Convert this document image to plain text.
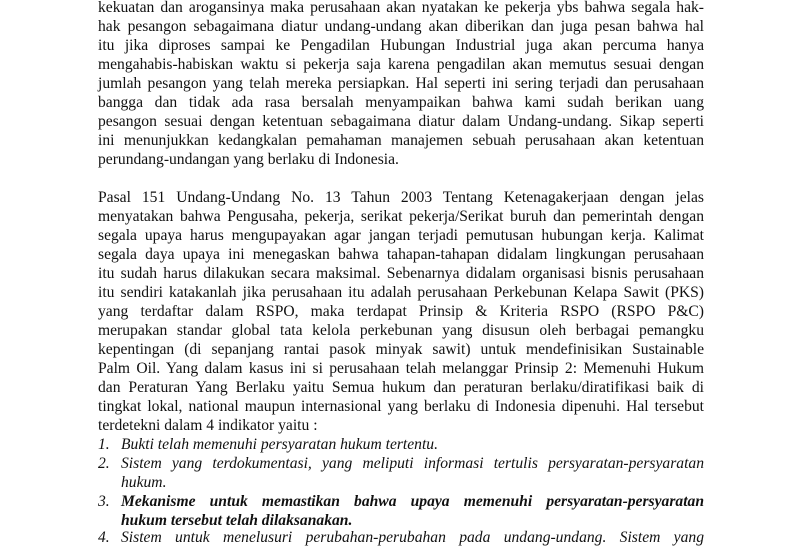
kekuatan dan arogansinya maka perusahaan akan nyatakan ke pekerja ybs bahwa segala hak-
hak pesangon sebagaimana diatur undang-undang akan diberikan dan juga pesan bahwa hal
itu jika diproses sampai ke Pengadilan Hubungan Industrial juga akan percuma hanya
mengahabis-habiskan waktu si pekerja saja karena pengadilan akan memutus sesuai dengan
jumlah pesangon yang telah mereka persiapkan. Hal seperti ini sering terjadi dan perusahaan
bangga dan tidak ada rasa bersalah menyampaikan bahwa kami sudah berikan uang
pesangon sesuai dengan ketentuan sebagaimana diatur dalam Undang-undang. Sikap seperti
ini menunjukkan kedangkalan pemahaman manajemen sebuah perusahaan akan ketentuan
perundang-undangan yang berlaku di Indonesia.
Pasal 151 Undang-Undang No. 13 Tahun 2003 Tentang Ketenagakerjaan dengan jelas
menyatakan bahwa Pengusaha, pekerja, serikat pekerja/Serikat buruh dan pemerintah dengan
segala upaya harus mengupayakan agar jangan terjadi pemutusan hubungan kerja. Kalimat
segala daya upaya ini menegaskan bahwa tahapan-tahapan didalam lingkungan perusahaan
itu sudah harus dilakukan secara maksimal. Sebenarnya didalam organisasi bisnis perusahaan
itu sendiri katakanlah jika perusahaan itu adalah perusahaan Perkebunan Kelapa Sawit (PKS)
yang terdaftar dalam RSPO, maka terdapat Prinsip & Kriteria RSPO (RSPO P&C)
merupakan standar global tata kelola perkebunan yang disusun oleh berbagai pemangku
kepentingan (di sepanjang rantai pasok minyak sawit) untuk mendefinisikan Sustainable
Palm Oil. Yang dalam kasus ini si perusahaan telah melanggar Prinsip 2: Memenuhi Hukum
dan Peraturan Yang Berlaku yaitu Semua hukum dan peraturan berlaku/diratifikasi baik di
tingkat lokal, national maupun internasional yang berlaku di Indonesia dipenuhi. Hal tersebut
terdetekni dalam 4 indikator yaitu :
1. Bukti telah memenuhi persyaratan hukum tertentu.
2. Sistem yang terdokumentasi, yang meliputi informasi tertulis persyaratan-persyaratan
hukum.
3. Mekanisme untuk memastikan bahwa upaya memenuhi persyaratan-persyaratan
hukum tersebut telah dilaksanakan.
4. Sistem untuk menelusuri perubahan-perubahan pada undang-undang. Sistem yang
